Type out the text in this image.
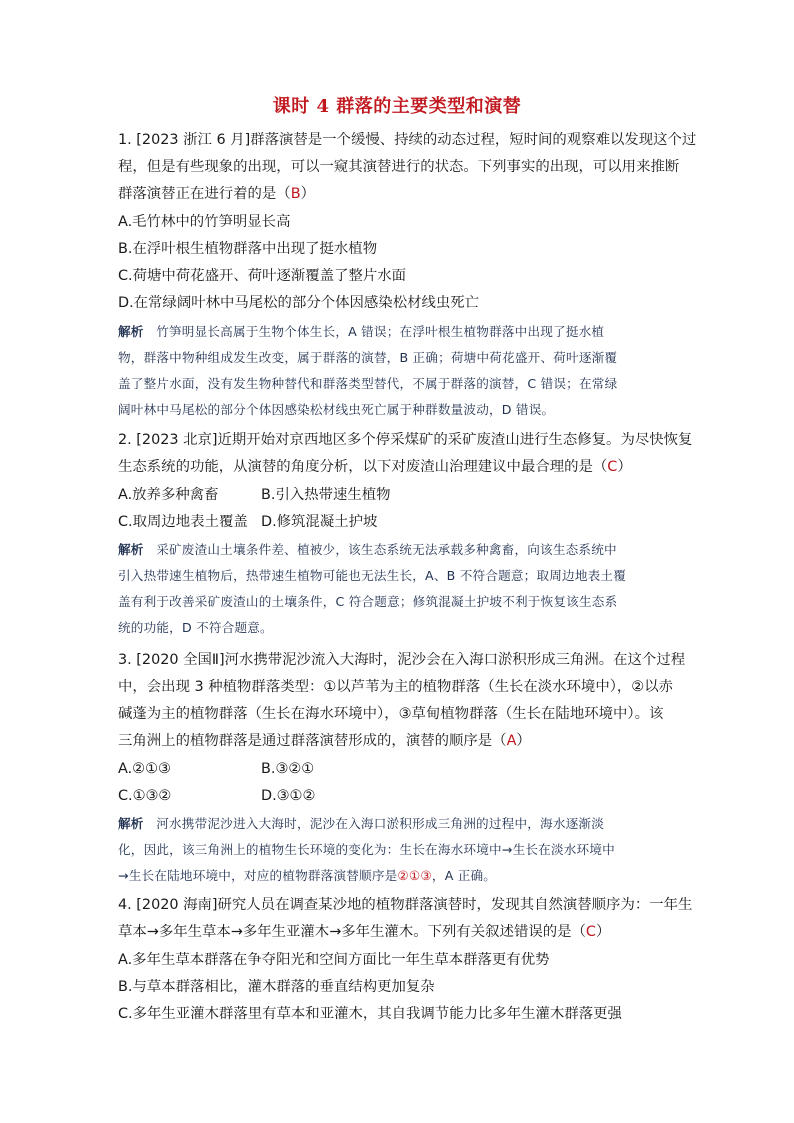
课时 4 群落的主要类型和演替
1. [2023 浙江 6 月]群落演替是一个缓慢、持续的动态过程，短时间的观察难以发现这个过
程，但是有些现象的出现，可以一窥其演替进行的状态。下列事实的出现，可以用来推断
群落演替正在进行着的是（B）
A.毛竹林中的竹笋明显长高
B.在浮叶根生植物群落中出现了挺水植物
C.荷塘中荷花盛开、荷叶逐渐覆盖了整片水面
D.在常绿阔叶林中马尾松的部分个体因感染松材线虫死亡
解析 竹笋明显长高属于生物个体生长，A 错误；在浮叶根生植物群落中出现了挺水植
物，群落中物种组成发生改变，属于群落的演替，B 正确；荷塘中荷花盛开、荷叶逐渐覆
盖了整片水面，没有发生物种替代和群落类型替代，不属于群落的演替，C 错误；在常绿
阔叶林中马尾松的部分个体因感染松材线虫死亡属于种群数量波动，D 错误。
2. [2023 北京]近期开始对京西地区多个停采煤矿的采矿废渣山进行生态修复。为尽快恢复
生态系统的功能，从演替的角度分析，以下对废渣山治理建议中最合理的是（C）
A.放养多种禽畜	B.引入热带速生植物
C.取周边地表土覆盖 D.修筑混凝土护坡
解析 采矿废渣山土壤条件差、植被少，该生态系统无法承载多种禽畜，向该生态系统中
引入热带速生植物后，热带速生植物可能也无法生长，A、B 不符合题意；取周边地表土覆
盖有利于改善采矿废渣山的土壤条件，C 符合题意；修筑混凝土护坡不利于恢复该生态系
统的功能，D 不符合题意。
3. [2020 全国Ⅱ]河水携带泥沙流入大海时，泥沙会在入海口淤积形成三角洲。在这个过程
中，会出现 3 种植物群落类型：①以芦苇为主的植物群落（生长在淡水环境中），②以赤
碱蓬为主的植物群落（生长在海水环境中），③草甸植物群落（生长在陆地环境中）。该
三角洲上的植物群落是通过群落演替形成的，演替的顺序是（A）
A.②①③	B.③②①
C.①③②	D.③①②
解析 河水携带泥沙进入大海时，泥沙在入海口淤积形成三角洲的过程中，海水逐渐淡
化，因此，该三角洲上的植物生长环境的变化为：生长在海水环境中→生长在淡水环境中
→生长在陆地环境中，对应的植物群落演替顺序是②①③，A 正确。
4. [2020 海南]研究人员在调查某沙地的植物群落演替时，发现其自然演替顺序为：一年生
草本→多年生草本→多年生亚灌木→多年生灌木。下列有关叙述错误的是（C）
A.多年生草本群落在争夺阳光和空间方面比一年生草本群落更有优势
B.与草本群落相比，灌木群落的垂直结构更加复杂
C.多年生亚灌木群落里有草本和亚灌木，其自我调节能力比多年生灌木群落更强
